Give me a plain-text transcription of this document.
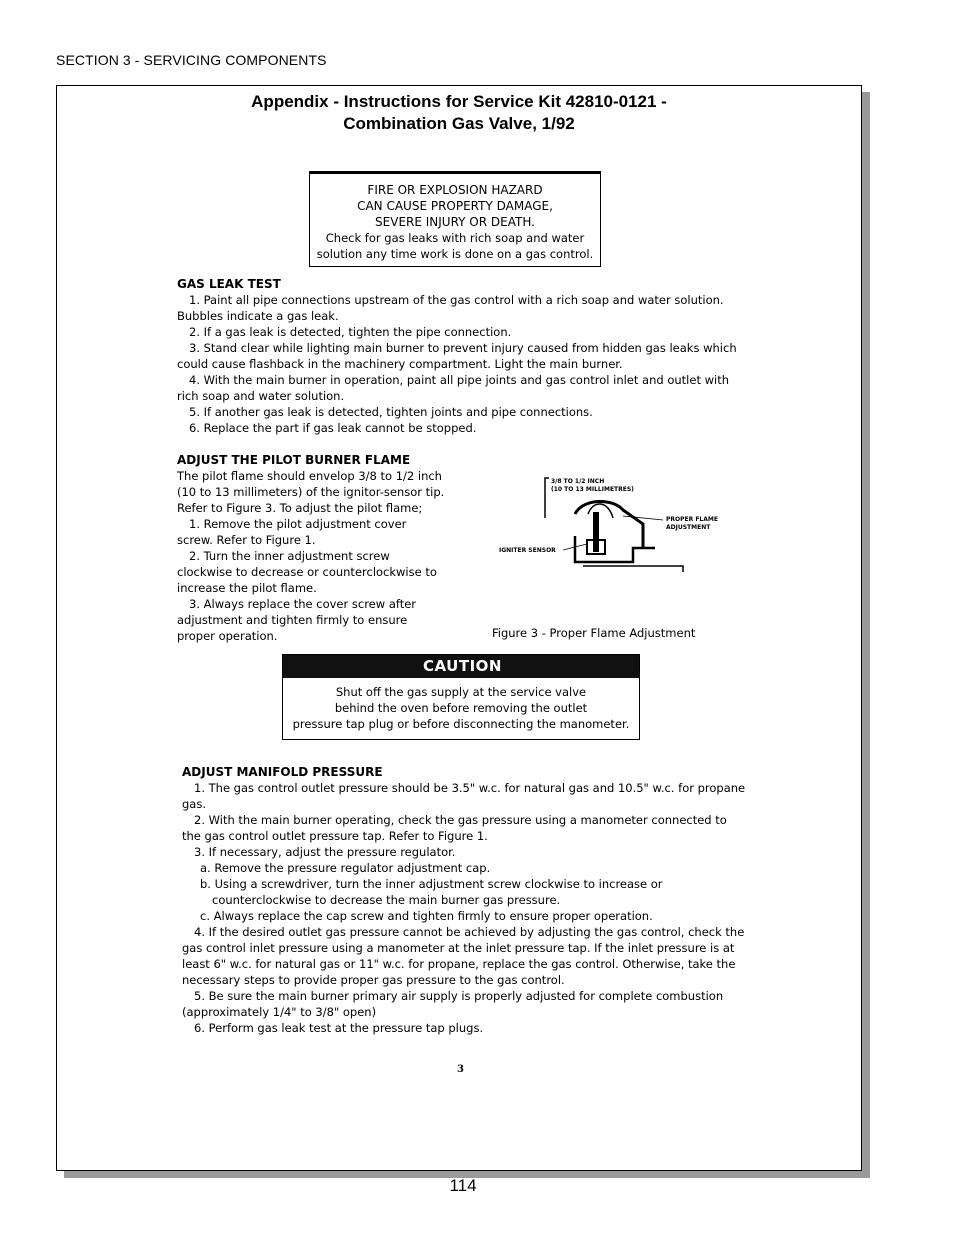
SECTION 3 - SERVICING COMPONENTS
Appendix - Instructions for Service Kit 42810-0121 -
Combination Gas Valve, 1/92
FIRE OR EXPLOSION HAZARD
CAN CAUSE PROPERTY DAMAGE,
SEVERE INJURY OR DEATH.
Check for gas leaks with rich soap and water
solution any time work is done on a gas control.
GAS LEAK TEST

1. Paint all pipe connections upstream of the gas control with a rich soap and water solution. Bubbles indicate a gas leak.

2. If a gas leak is detected, tighten the pipe connection.

3. Stand clear while lighting main burner to prevent injury caused from hidden gas leaks which could cause flashback in the machinery compartment. Light the main burner.

4. With the main burner in operation, paint all pipe joints and gas control inlet and outlet with rich soap and water solution.

5. If another gas leak is detected, tighten joints and pipe connections.

6. Replace the part if gas leak cannot be stopped.

ADJUST THE PILOT BURNER FLAME

The pilot flame should envelop 3/8 to 1/2 inch (10 to 13 millimeters) of the ignitor-sensor tip. Refer to Figure 3. To adjust the pilot flame;

1. Remove the pilot adjustment cover screw. Refer to Figure 1.

2. Turn the inner adjustment screw clockwise to decrease or counterclockwise to increase the pilot flame.

3. Always replace the cover screw after adjustment and tighten firmly to ensure proper operation.

3/8 TO 1/2 INCH
(10 TO 13 MILLIMETRES)
PROPER FLAME
ADJUSTMENT
IGNITER SENSOR
Figure 3 - Proper Flame Adjustment
CAUTION
Shut off the gas supply at the service valve
behind the oven before removing the outlet
pressure tap plug or before disconnecting the manometer.
ADJUST MANIFOLD PRESSURE

1. The gas control outlet pressure should be 3.5" w.c. for natural gas and 10.5" w.c. for propane gas.

2. With the main burner operating, check the gas pressure using a manometer connected to the gas control outlet pressure tap. Refer to Figure 1.

3. If necessary, adjust the pressure regulator.

a. Remove the pressure regulator adjustment cap.

b. Using a screwdriver, turn the inner adjustment screw clockwise to increase or counterclockwise to decrease the main burner gas pressure.

c. Always replace the cap screw and tighten firmly to ensure proper operation.

4. If the desired outlet gas pressure cannot be achieved by adjusting the gas control, check the gas control inlet pressure using a manometer at the inlet pressure tap. If the inlet pressure is at least 6" w.c. for natural gas or 11" w.c. for propane, replace the gas control. Otherwise, take the necessary steps to provide proper gas pressure to the gas control.

5. Be sure the main burner primary air supply is properly adjusted for complete combustion (approximately 1/4" to 3/8" open)

6. Perform gas leak test at the pressure tap plugs.

3
114
